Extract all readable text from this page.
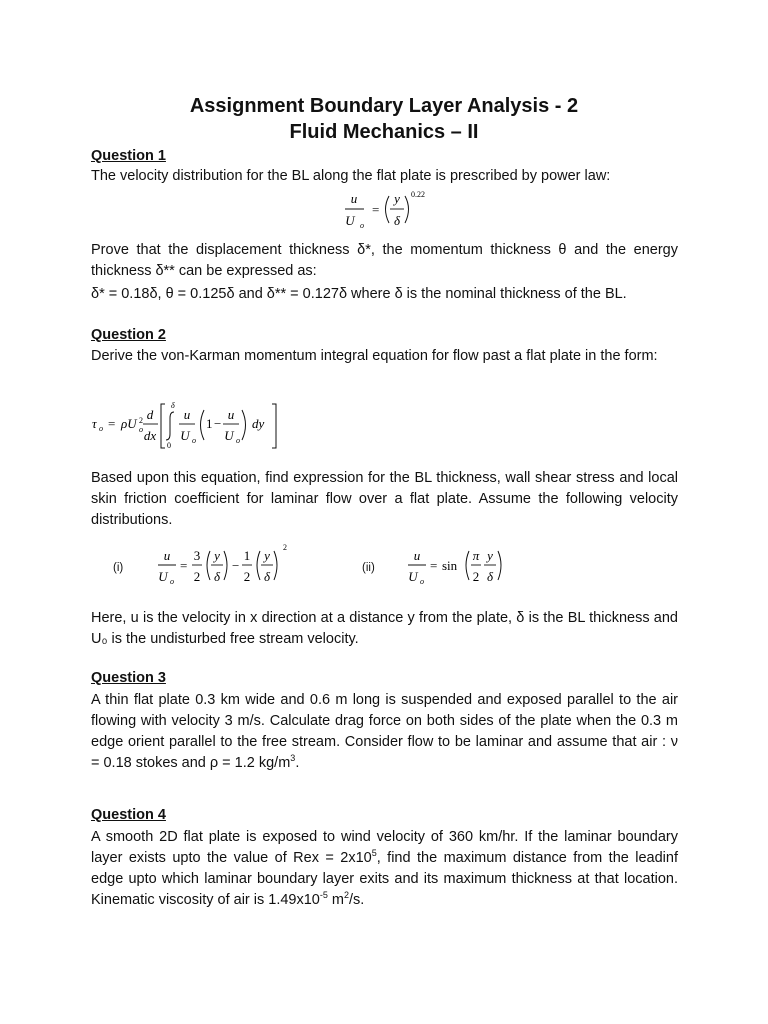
Assignment Boundary Layer Analysis - 2
Fluid Mechanics – II
Question 1
The velocity distribution for the BL along the flat plate is prescribed by power law:
u
U o
=
y
δ
0.22
Prove that the displacement thickness δ*, the momentum thickness θ and the energy thickness δ** can be expressed as:
δ* = 0.18δ, θ = 0.125δ and δ** = 0.127δ where δ is the nominal thickness of the BL.
Question 2
Derive the von-Karman momentum integral equation for flow past a flat plate in the form:
τ o = ρU 2
o
d
dx
δ
0
u
U o
1 −
u
U o
dy
Based upon this equation, find expression for the BL thickness, wall shear stress and local skin friction coefficient for laminar flow over a flat plate. Assume the following velocity distributions.
(i)
u
U o
=
3
2
y
δ
−
1
2
y
δ
2
(ii)
u
U o
= sin
π
2
y
δ
Here, u is the velocity in x direction at a distance y from the plate, δ is the BL thickness and U₀ is the undisturbed free stream velocity.
Question 3
A thin flat plate 0.3 km wide and 0.6 m long is suspended and exposed parallel to the air flowing with velocity 3 m/s. Calculate drag force on both sides of the plate when the 0.3 m edge orient parallel to the free stream. Consider flow to be laminar and assume that air : ν = 0.18 stokes and ρ = 1.2 $kg/m^3$.
Question 4
A smooth 2D flat plate is exposed to wind velocity of 360 km/hr. If the laminar boundary layer exists upto the value of Rex = $2x10^5$, find the maximum distance from the leadinf edge upto which laminar boundary layer exits and its maximum thickness at that location. Kinematic viscosity of air is $1.49x10^{-5}$ $m^2/s$.
